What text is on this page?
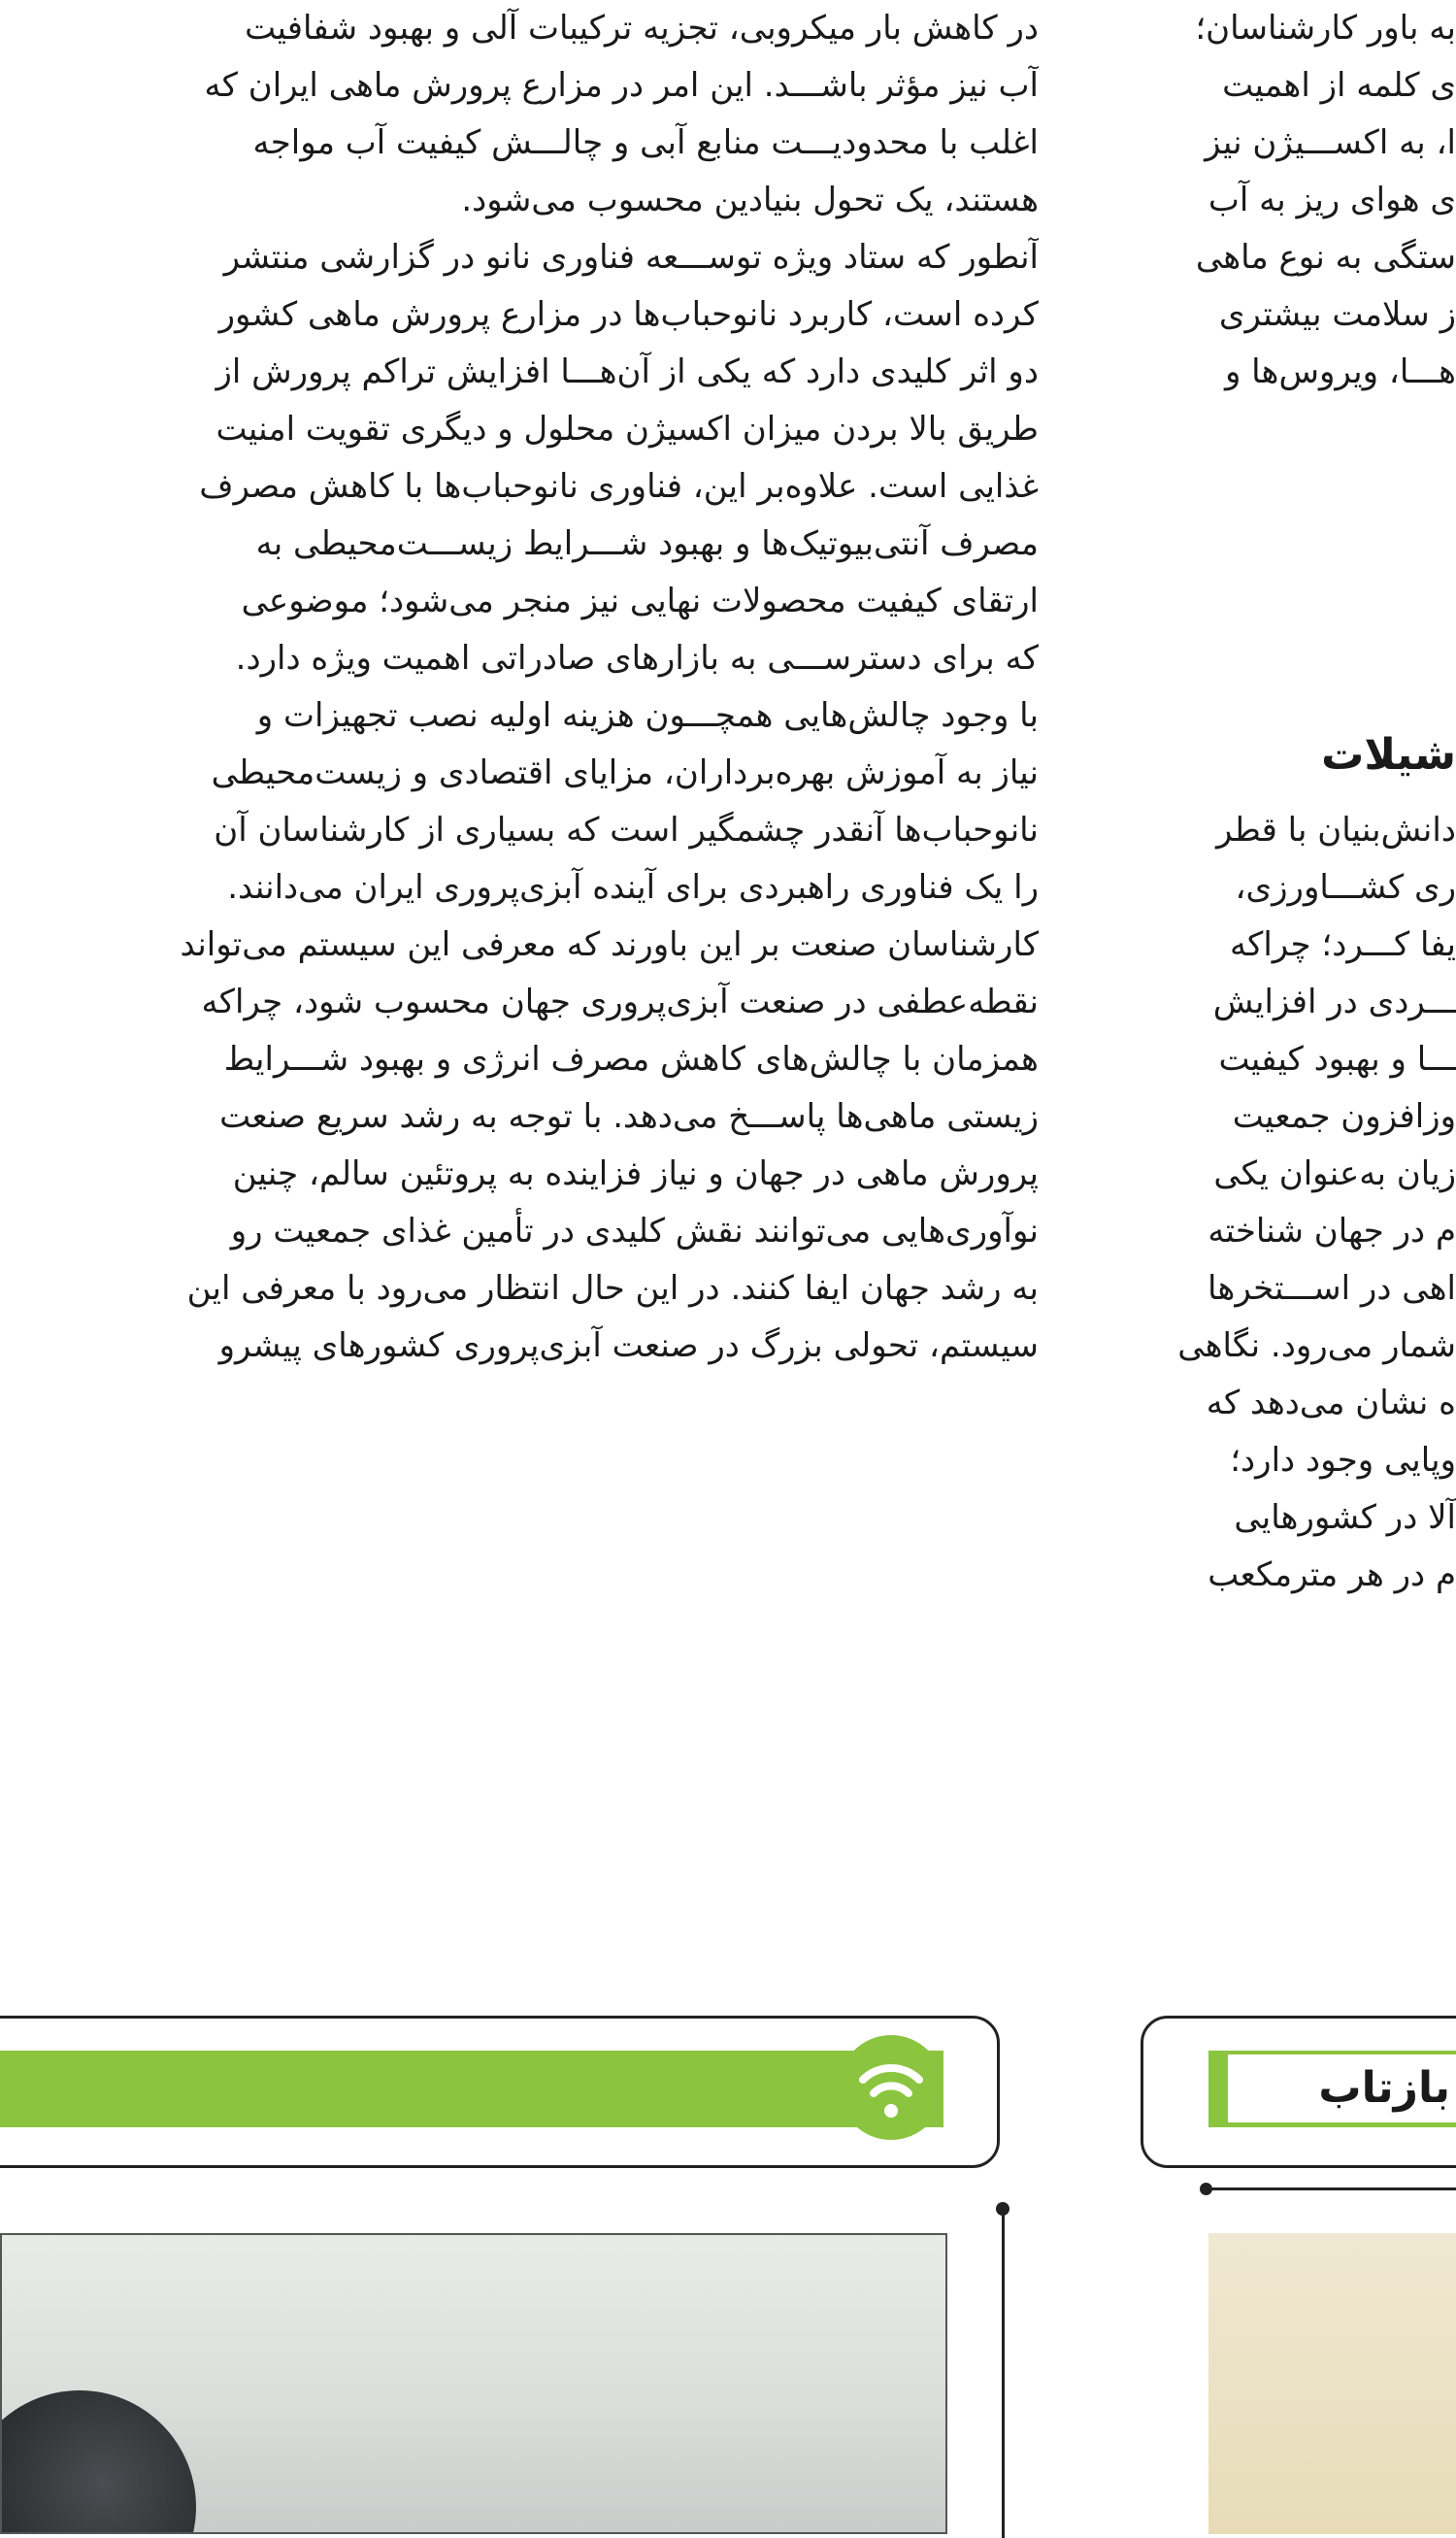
در کاهش بار میکروبی، تجزیه ترکیبات آلی و بهبود شفافیت
آب نیز مؤثر باشـــد. این امر در مزارع پرورش ماهی ایران که
اغلب با محدودیـــت منابع آبی و چالـــش کیفیت آب مواجه
هستند، یک تحول بنیادین محسوب می‌شود.
آنطور که ستاد ویژه توســـعه فناوری نانو در گزارشی منتشر
کرده است، کاربرد نانوحباب‌ها در مزارع پرورش ماهی کشور
دو اثر کلیدی دارد که یکی از آن‌هـــا افزایش تراکم پرورش از
طریق بالا بردن میزان اکسیژن محلول و دیگری تقویت امنیت
غذایی است. علاوه‌بر این، فناوری نانوحباب‌ها با کاهش مصرف
مصرف آنتی‌بیوتیک‌ها و بهبود شـــرایط زیســـت‌محیطی به
ارتقای کیفیت محصولات نهایی نیز منجر می‌شود؛ موضوعی
که برای دسترســـی به بازارهای صادراتی اهمیت ویژه دارد.
با وجود چالش‌هایی همچـــون هزینه اولیه نصب تجهیزات و
نیاز به آموزش بهره‌برداران، مزایای اقتصادی و زیست‌محیطی
نانوحباب‌ها آنقدر چشمگیر است که بسیاری از کارشناسان آن
را یک فناوری راهبردی برای آینده آبزی‌پروری ایران می‌دانند.
کارشناسان صنعت بر این باورند که معرفی این سیستم می‌تواند
نقطه‌عطفی در صنعت آبزی‌پروری جهان محسوب شود، چراکه
همزمان با چالش‌های کاهش مصرف انرژی و بهبود شـــرایط
زیستی ماهی‌ها پاســـخ می‌دهد. با توجه به رشد سریع صنعت
پرورش ماهی در جهان و نیاز فزاینده به پروتئین سالم، چنین
نوآوری‌هایی می‌توانند نقش کلیدی در تأمین غذای جمعیت رو
به رشد جهان ایفا کنند. در این حال انتظار می‌رود با معرفی این
سیستم، تحولی بزرگ در صنعت آبزی‌پروری کشورهای پیشرو
به باور کارشناسان؛
ی کلمه از اهمیت
ا، به اکســـیژن نیز
ی هوای ریز به آب
ستگی به نوع ماهی
ز سلامت بیشتری
هـــا، ویروس‌ها و
شیلات
دانش‌بنیان با قطر
ری کشـــاورزی،
یفا کـــرد؛ چراکه
ـــردی در افزایش
ـــا و بهبود کیفیت
وزافزون جمعیت
زیان به‌عنوان یکی
م در جهان شناخته
اهی در اســـتخرها
شمار می‌رود. نگاهی
ه نشان می‌دهد که
وپایی وجود دارد؛
آلا در کشورهایی
م در هر مترمکعب
بازتاب
